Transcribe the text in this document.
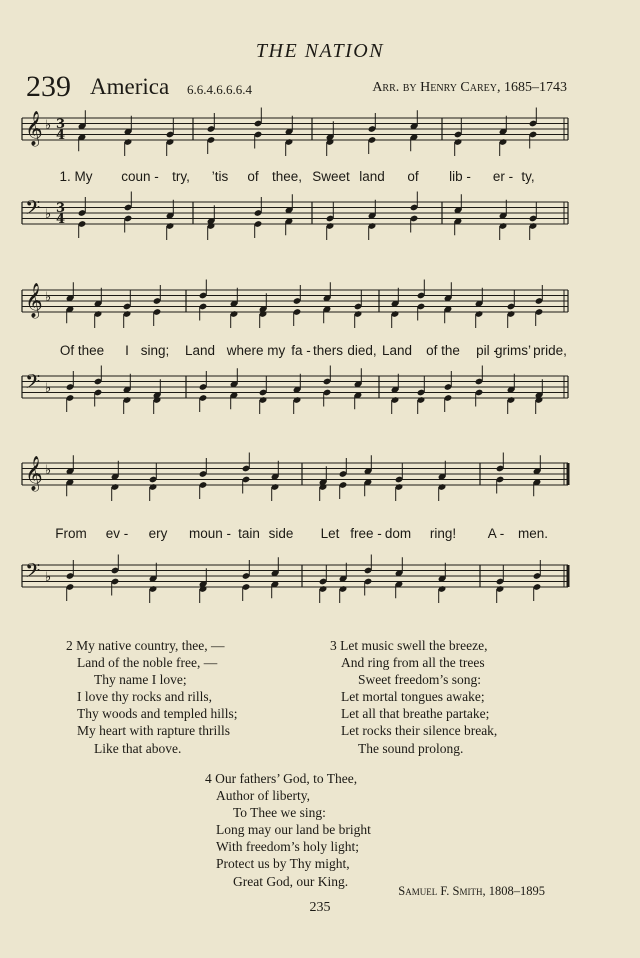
THE NATION
239 America 6.6.4.6.6.6.4	Arr. by Henry Carey, 1685–1743
𝄞 ♭ 3
4
𝄢 ♭ 3
4
1. My coun - try, ’tis of thee, Sweet land of lib - er - ty,
𝄞 ♭
𝄢 ♭
Of thee I sing; Land where my fa - thers died, Land of the pil -
grims’ pride,
𝄞 ♭
𝄢 ♭
From ev - ery moun - tain side Let free - dom ring! A - men.
2 My native country, thee, —
Land of the noble free, —
Thy name I love;
I love thy rocks and rills,
Thy woods and templed hills;
My heart with rapture thrills
Like that above.
3 Let music swell the breeze,
And ring from all the trees
Sweet freedom’s song:
Let mortal tongues awake;
Let all that breathe partake;
Let rocks their silence break,
The sound prolong.
4 Our fathers’ God, to Thee,
Author of liberty,
To Thee we sing:
Long may our land be bright
With freedom’s holy light;
Protect us by Thy might,
Great God, our King.
Samuel F. Smith, 1808–1895
235
